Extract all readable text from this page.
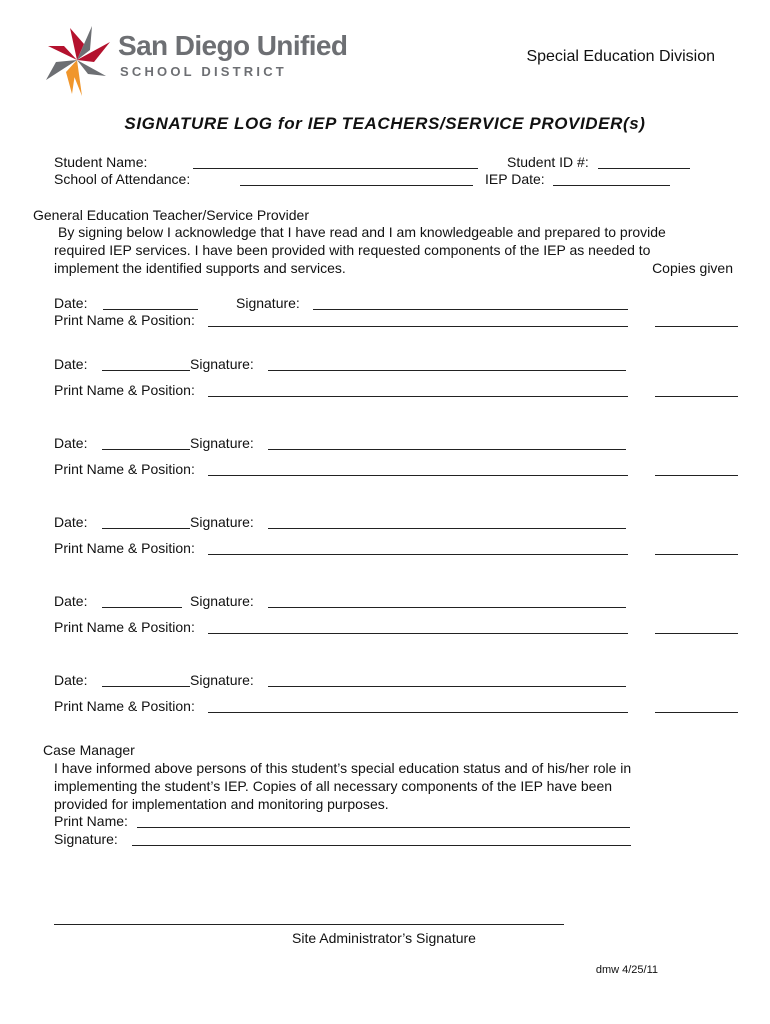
San Diego Unified
SCHOOL DISTRICT
Special Education Division
SIGNATURE LOG for IEP TEACHERS/SERVICE PROVIDER(s)
Student Name:	Student ID #:
School of Attendance:	IEP Date:
General Education Teacher/Service Provider
By signing below I acknowledge that I have read and I am knowledgeable and prepared to provide
required IEP services. I have been provided with requested components of the IEP as needed to
implement the identified supports and services.	Copies given
Date:	Signature:
Print Name & Position:
Date:	Signature:
Print Name & Position:
Date:	Signature:
Print Name & Position:
Date:	Signature:
Print Name & Position:
Date:	Signature:
Print Name & Position:
Date:	Signature:
Print Name & Position:
Case Manager
I have informed above persons of this student’s special education status and of his/her role in
implementing the student’s IEP. Copies of all necessary components of the IEP have been
provided for implementation and monitoring purposes.
Print Name:
Signature:
Site Administrator’s Signature
dmw 4/25/11
